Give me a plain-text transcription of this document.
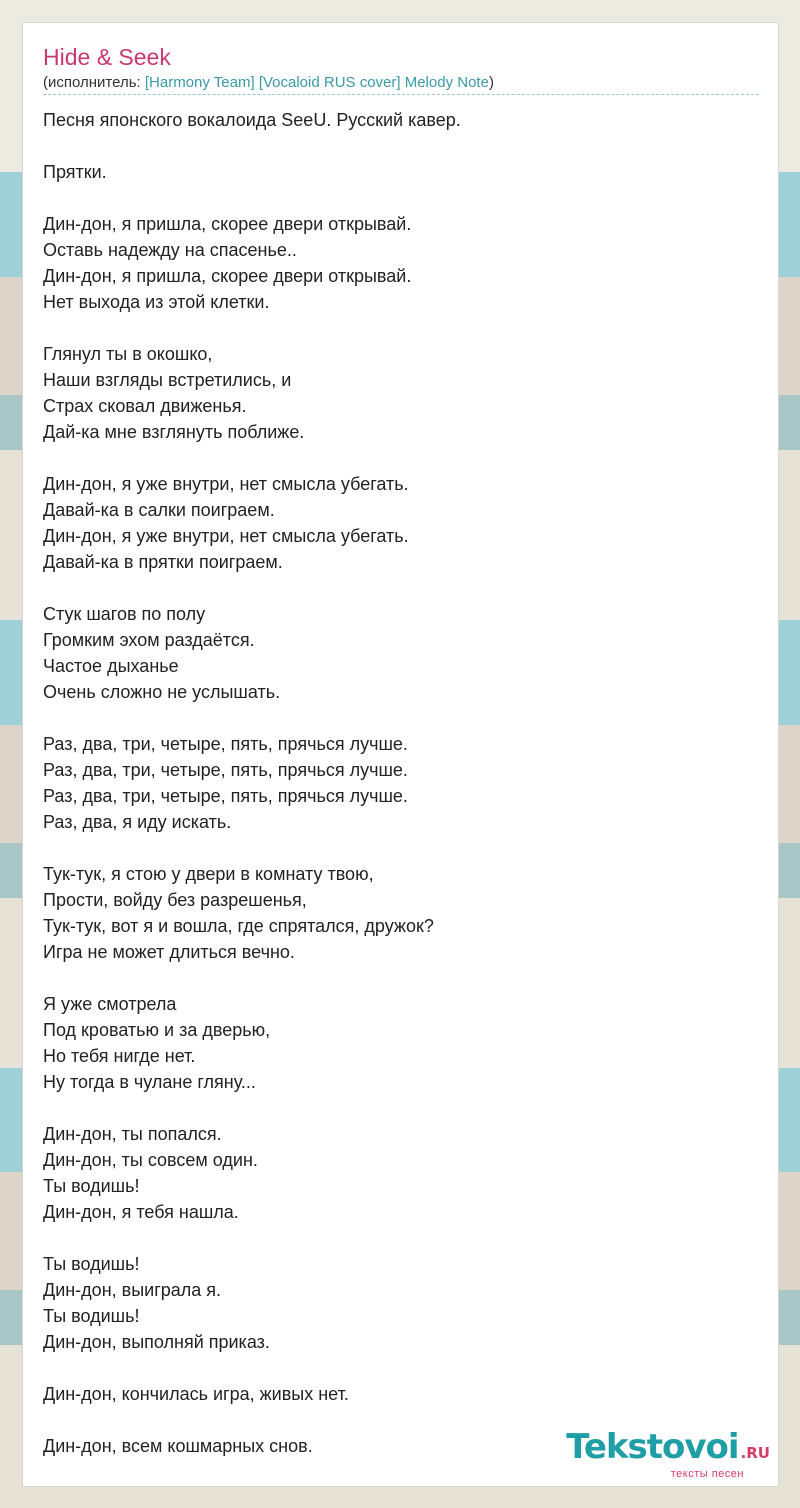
Hide & Seek
(исполнитель: [Harmony Team] [Vocaloid RUS cover] Melody Note)
Песня японского вокалоида SeeU. Русский кавер.
Прятки.
Дин-дон, я пришла, скорее двери открывай.
Оставь надежду на спасенье..
Дин-дон, я пришла, скорее двери открывай.
Нет выхода из этой клетки.
Глянул ты в окошко,
Наши взгляды встретились, и
Страх сковал движенья.
Дай-ка мне взглянуть поближе.
Дин-дон, я уже внутри, нет смысла убегать.
Давай-ка в салки поиграем.
Дин-дон, я уже внутри, нет смысла убегать.
Давай-ка в прятки поиграем.
Стук шагов по полу
Громким эхом раздаётся.
Частое дыханье
Очень сложно не услышать.
Раз, два, три, четыре, пять, прячься лучше.
Раз, два, три, четыре, пять, прячься лучше.
Раз, два, три, четыре, пять, прячься лучше.
Раз, два, я иду искать.
Тук-тук, я стою у двери в комнату твою,
Прости, войду без разрешенья,
Тук-тук, вот я и вошла, где спрятался, дружок?
Игра не может длиться вечно.
Я уже смотрела
Под кроватью и за дверью,
Но тебя нигде нет.
Ну тогда в чулане гляну...
Дин-дон, ты попался.
Дин-дон, ты совсем один.
Ты водишь!
Дин-дон, я тебя нашла.
Ты водишь!
Дин-дон, выиграла я.
Ты водишь!
Дин-дон, выполняй приказ.
Дин-дон, кончилась игра, живых нет.
Дин-дон, всем кошмарных снов.	Tekstovoi .RU
тексты песен
